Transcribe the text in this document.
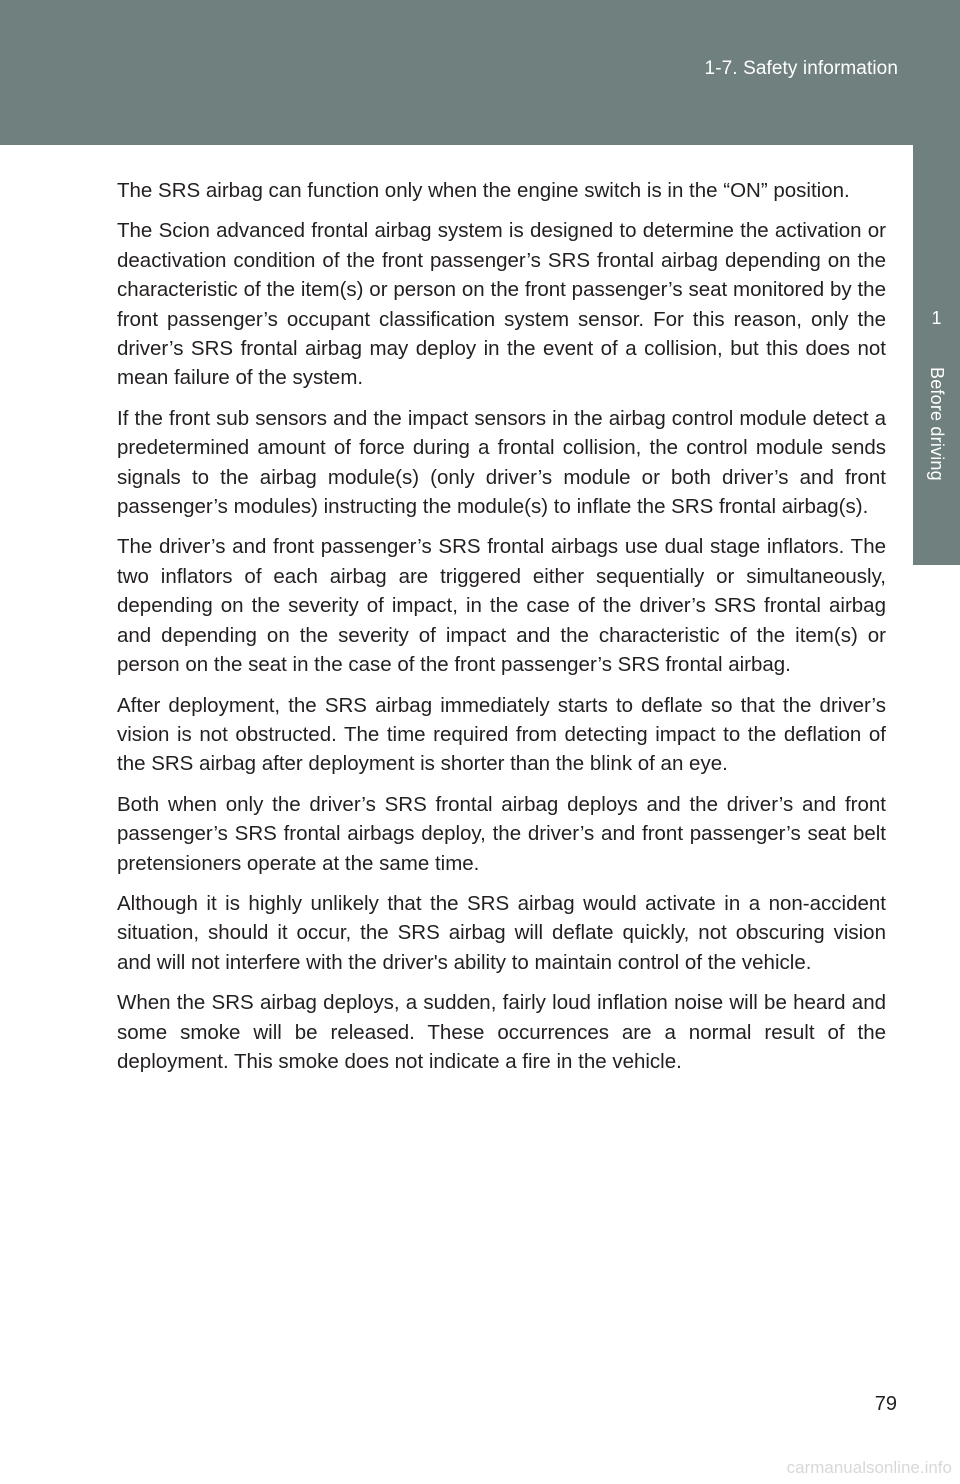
1-7. Safety information
1
Before driving

The SRS airbag can function only when the engine switch is in the “ON” position.

The Scion advanced frontal airbag system is designed to determine the activation or deactivation condition of the front passenger’s SRS frontal airbag depending on the characteristic of the item(s) or person on the front passenger’s seat monitored by the front passenger’s occupant classification system sensor. For this reason, only the driver’s SRS frontal airbag may deploy in the event of a collision, but this does not mean failure of the system.

If the front sub sensors and the impact sensors in the airbag control module detect a predetermined amount of force during a frontal collision, the control module sends signals to the airbag module(s) (only driver’s module or both driver’s and front passenger’s modules) instructing the module(s) to inflate the SRS frontal airbag(s).

The driver’s and front passenger’s SRS frontal airbags use dual stage inflators. The two inflators of each airbag are triggered either sequentially or simultaneously, depending on the severity of impact, in the case of the driver’s SRS frontal airbag and depending on the severity of impact and the characteristic of the item(s) or person on the seat in the case of the front passenger’s SRS frontal airbag.

After deployment, the SRS airbag immediately starts to deflate so that the driver’s vision is not obstructed. The time required from detecting impact to the deflation of the SRS airbag after deployment is shorter than the blink of an eye.

Both when only the driver’s SRS frontal airbag deploys and the driver’s and front passenger’s SRS frontal airbags deploy, the driver’s and front passenger’s seat belt pretensioners operate at the same time.

Although it is highly unlikely that the SRS airbag would activate in a non-accident situation, should it occur, the SRS airbag will deflate quickly, not obscuring vision and will not interfere with the driver's ability to maintain control of the vehicle.

When the SRS airbag deploys, a sudden, fairly loud inflation noise will be heard and some smoke will be released. These occurrences are a normal result of the deployment. This smoke does not indicate a fire in the vehicle.

79
carmanualsonline.info
